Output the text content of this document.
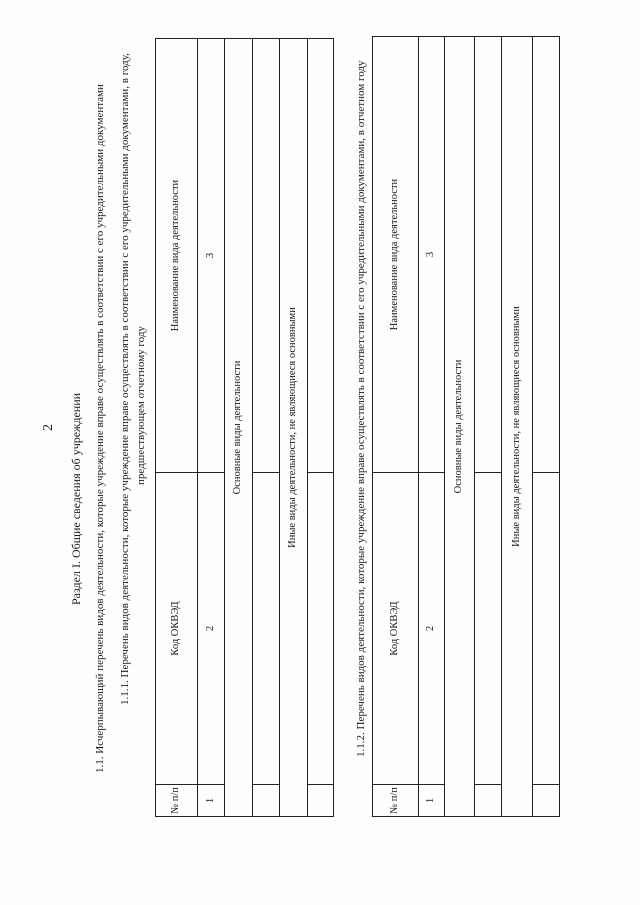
2 Раздел I. Общие сведения об учреждении 1.1. Исчерпывающий перечень видов деятельности, которые учреждение вправе осуществлять в соответствии с его учредительными документами 1.1.1. Перечень видов деятельности, которые учреждение вправе осуществлять в соответствии с его учредительными документами, в году, предшествующем отчетному году
№ п/п	Код ОКВЭД	Наименование вида деятельности
1	2	3
Основные виды деятельности		

Иные виды деятельности, не являющиеся основными		
			1.1.2. Перечень видов деятельности, которые учреждение вправе осуществлять в соответствии с его учредительными документами, в отчетном году
№ п/п	Код ОКВЭД	Наименование вида деятельности
1	2	3
Основные виды деятельности		

Иные виды деятельности, не являющиеся основными		
